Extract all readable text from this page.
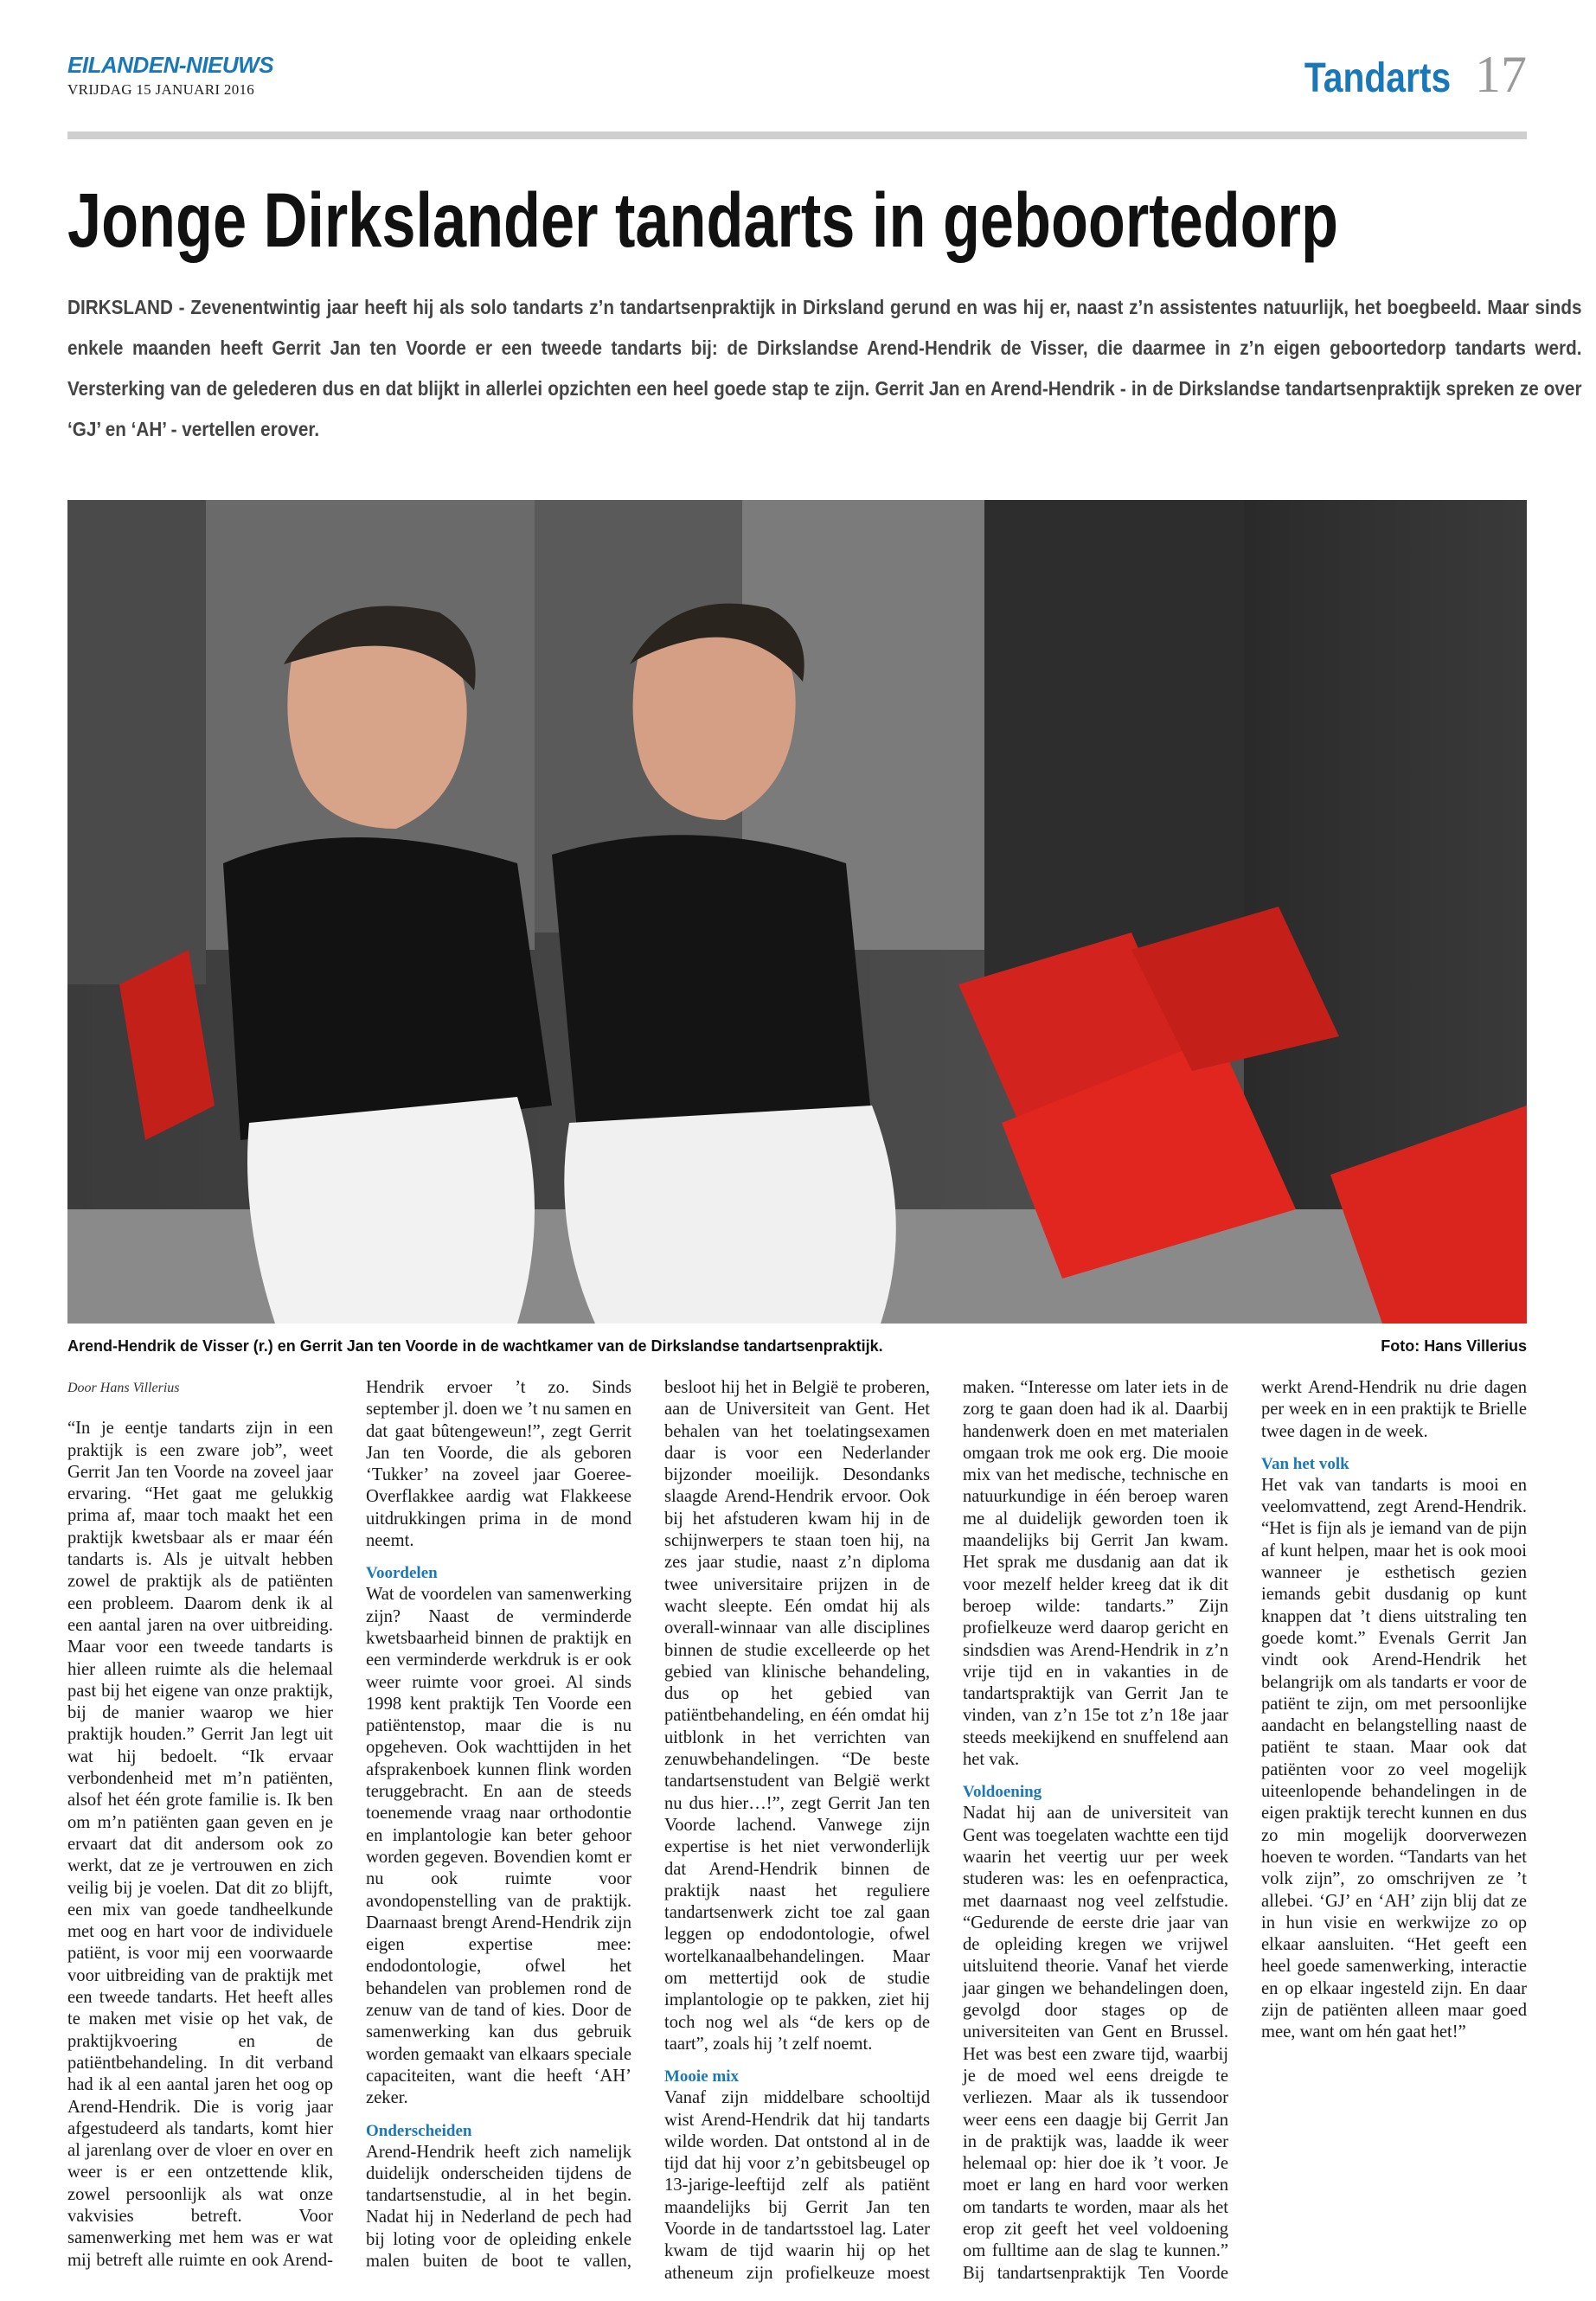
EILANDEN-NIEUWS
VRIJDAG 15 JANUARI 2016	Tandarts 17
Jonge Dirkslander tandarts in geboortedorp

DIRKSLAND - Zevenentwintig jaar heeft hij als solo tandarts z’n tandartsenpraktijk in Dirksland gerund en was hij er, naast z’n assistentes natuurlijk, het boegbeeld. Maar sinds enkele maanden heeft Gerrit Jan ten Voorde er een tweede tandarts bij: de Dirkslandse Arend-Hendrik de Visser, die daarmee in z’n eigen geboortedorp tandarts werd. Versterking van de gelederen dus en dat blijkt in allerlei opzichten een heel goede stap te zijn. Gerrit Jan en Arend-Hendrik - in de Dirkslandse tandartsenpraktijk spreken ze over ‘GJ’ en ‘AH’ - vertellen erover.

Arend-Hendrik de Visser (r.) en Gerrit Jan ten Voorde in de wachtkamer van de Dirkslandse tandartsenpraktijk.	Foto: Hans Villerius
Door Hans Villerius

“In je eentje tandarts zijn in een praktijk is een zware job”, weet Gerrit Jan ten Voorde na zoveel jaar ervaring. “Het gaat me gelukkig prima af, maar toch maakt het een praktijk kwetsbaar als er maar één tandarts is. Als je uitvalt hebben zowel de praktijk als de patiënten een probleem. Daarom denk ik al een aantal jaren na over uitbreiding. Maar voor een tweede tandarts is hier alleen ruimte als die helemaal past bij het eigene van onze praktijk, bij de manier waarop we hier praktijk houden.” Gerrit Jan legt uit wat hij bedoelt. “Ik ervaar verbondenheid met m’n patiënten, alsof het één grote familie is. Ik ben om m’n patiënten gaan geven en je ervaart dat dit andersom ook zo werkt, dat ze je vertrouwen en zich veilig bij je voelen. Dat dit zo blijft, een mix van goede tandheelkunde met oog en hart voor de individuele patiënt, is voor mij een voorwaarde voor uitbreiding van de praktijk met een tweede tandarts. Het heeft alles te maken met visie op het vak, de praktijkvoering en de patiëntbehandeling. In dit verband had ik al een aantal jaren het oog op Arend-Hendrik. Die is vorig jaar afgestudeerd als tandarts, komt hier al jarenlang over de vloer en over en weer is er een ontzettende klik, zowel persoonlijk als wat onze vakvisies betreft. Voor samenwerking met hem was er wat mij betreft alle ruimte en ook Arend-Hendrik ervoer ’t zo. Sinds september jl. doen we ’t nu samen en dat gaat bûtengeweun!”, zegt Gerrit Jan ten Voorde, die als geboren ‘Tukker’ na zoveel jaar Goeree-Overflakkee aardig wat Flakkeese uitdrukkingen prima in de mond neemt.

Voordelen

Wat de voordelen van samenwerking zijn? Naast de verminderde kwetsbaarheid binnen de praktijk en een verminderde werkdruk is er ook weer ruimte voor groei. Al sinds 1998 kent praktijk Ten Voorde een patiëntenstop, maar die is nu opgeheven. Ook wachttijden in het afsprakenboek kunnen flink worden teruggebracht. En aan de steeds toenemende vraag naar orthodontie en implantologie kan beter gehoor worden gegeven. Bovendien komt er nu ook ruimte voor avondopenstelling van de praktijk. Daarnaast brengt Arend-Hendrik zijn eigen expertise mee: endodontologie, ofwel het behandelen van problemen rond de zenuw van de tand of kies. Door de samenwerking kan dus gebruik worden gemaakt van elkaars speciale capaciteiten, want die heeft ‘AH’ zeker.

Onderscheiden

Arend-Hendrik heeft zich namelijk duidelijk onderscheiden tijdens de tandartsenstudie, al in het begin. Nadat hij in Nederland de pech had bij loting voor de opleiding enkele malen buiten de boot te vallen, besloot hij het in België te proberen, aan de Universiteit van Gent. Het behalen van het toelatingsexamen daar is voor een Nederlander bijzonder moeilijk. Desondanks slaagde Arend-Hendrik ervoor. Ook bij het afstuderen kwam hij in de schijnwerpers te staan toen hij, na zes jaar studie, naast z’n diploma twee universitaire prijzen in de wacht sleepte. Eén omdat hij als overall-winnaar van alle disciplines binnen de studie excelleerde op het gebied van klinische behandeling, dus op het gebied van patiëntbehandeling, en één omdat hij uitblonk in het verrichten van zenuwbehandelingen. “De beste tandartsenstudent van België werkt nu dus hier…!”, zegt Gerrit Jan ten Voorde lachend. Vanwege zijn expertise is het niet verwonderlijk dat Arend-Hendrik binnen de praktijk naast het reguliere tandartsenwerk zicht toe zal gaan leggen op endodontologie, ofwel wortelkanaalbehandelingen. Maar om mettertijd ook de studie implantologie op te pakken, ziet hij toch nog wel als “de kers op de taart”, zoals hij ’t zelf noemt.

Mooie mix

Vanaf zijn middelbare schooltijd wist Arend-Hendrik dat hij tandarts wilde worden. Dat ontstond al in de tijd dat hij voor z’n gebitsbeugel op 13-jarige-leeftijd zelf als patiënt maandelijks bij Gerrit Jan ten Voorde in de tandartsstoel lag. Later kwam de tijd waarin hij op het atheneum zijn profielkeuze moest maken. “Interesse om later iets in de zorg te gaan doen had ik al. Daarbij handenwerk doen en met materialen omgaan trok me ook erg. Die mooie mix van het medische, technische en natuurkundige in één beroep waren me al duidelijk geworden toen ik maandelijks bij Gerrit Jan kwam. Het sprak me dusdanig aan dat ik voor mezelf helder kreeg dat ik dit beroep wilde: tandarts.” Zijn profielkeuze werd daarop gericht en sindsdien was Arend-Hendrik in z’n vrije tijd en in vakanties in de tandartspraktijk van Gerrit Jan te vinden, van z’n 15e tot z’n 18e jaar steeds meekijkend en snuffelend aan het vak.

Voldoening

Nadat hij aan de universiteit van Gent was toegelaten wachtte een tijd waarin het veertig uur per week studeren was: les en oefenpractica, met daarnaast nog veel zelfstudie. “Gedurende de eerste drie jaar van de opleiding kregen we vrijwel uitsluitend theorie. Vanaf het vierde jaar gingen we behandelingen doen, gevolgd door stages op de universiteiten van Gent en Brussel. Het was best een zware tijd, waarbij je de moed wel eens dreigde te verliezen. Maar als ik tussendoor weer eens een daagje bij Gerrit Jan in de praktijk was, laadde ik weer helemaal op: hier doe ik ’t voor. Je moet er lang en hard voor werken om tandarts te worden, maar als het erop zit geeft het veel voldoening om fulltime aan de slag te kunnen.” Bij tandartsenpraktijk Ten Voorde werkt Arend-Hendrik nu drie dagen per week en in een praktijk te Brielle twee dagen in de week.

Van het volk

Het vak van tandarts is mooi en veelomvattend, zegt Arend-Hendrik. “Het is fijn als je iemand van de pijn af kunt helpen, maar het is ook mooi wanneer je esthetisch gezien iemands gebit dusdanig op kunt knappen dat ’t diens uitstraling ten goede komt.” Evenals Gerrit Jan vindt ook Arend-Hendrik het belangrijk om als tandarts er voor de patiënt te zijn, om met persoonlijke aandacht en belangstelling naast de patiënt te staan. Maar ook dat patiënten voor zo veel mogelijk uiteenlopende behandelingen in de eigen praktijk terecht kunnen en dus zo min mogelijk doorverwezen hoeven te worden. “Tandarts van het volk zijn”, zo omschrijven ze ’t allebei. ‘GJ’ en ‘AH’ zijn blij dat ze in hun visie en werkwijze zo op elkaar aansluiten. “Het geeft een heel goede samenwerking, interactie en op elkaar ingesteld zijn. En daar zijn de patiënten alleen maar goed mee, want om hén gaat het!”
